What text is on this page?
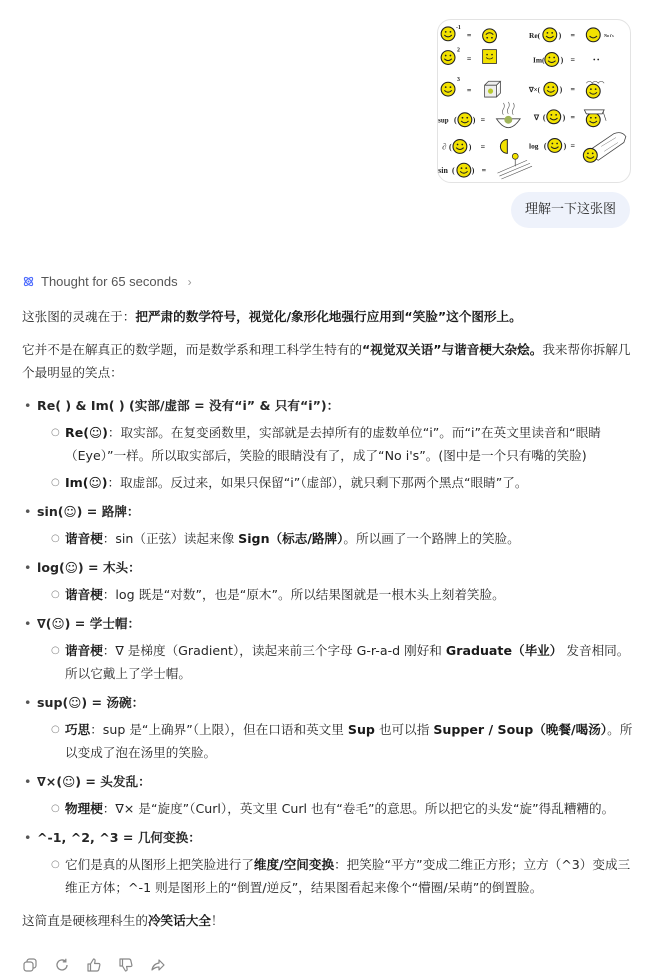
-1
=
2
=
3
=
sup ( ) =
∂ ( ) =
sin ( ) =
Re( ) =	No i's
Im( ) =
∇×( ) =
∇ ( ) =
log ( ) =
理解一下这张图
Thought for 65 seconds ›

这张图的灵魂在于：把严肃的数学符号，视觉化/象形化地强行应用到“笑脸”这个图形上。

它并不是在解真正的数学题，而是数学系和理工科学生特有的“视觉双关语”与谐音梗大杂烩。我来帮你拆解几个最明显的笑点：

• Re( ) & Im( ) (实部/虚部 = 没有“i” & 只有“i”)：
○ Re(☺)：取实部。在复变函数里，实部就是去掉所有的虚数单位“i”。而“i”在英文里读音和“眼睛（Eye）”一样。所以取实部后，笑脸的眼睛没有了，成了“No i's”。(图中是一个只有嘴的笑脸)
○ Im(☺)：取虚部。反过来，如果只保留“i”（虚部），就只剩下那两个黑点“眼睛”了。
• sin(☺) = 路牌：
○ 谐音梗：sin（正弦）读起来像 Sign（标志/路牌）。所以画了一个路牌上的笑脸。
• log(☺) = 木头：
○ 谐音梗：log 既是“对数”，也是“原木”。所以结果图就是一根木头上刻着笑脸。
• ∇(☺) = 学士帽：
○ 谐音梗：∇ 是梯度（Gradient），读起来前三个字母 G-r-a-d 刚好和 Graduate（毕业） 发音相同。所以它戴上了学士帽。
• sup(☺) = 汤碗：
○ 巧思：sup 是“上确界”（上限），但在口语和英文里 Sup 也可以指 Supper / Soup（晚餐/喝汤）。所以变成了泡在汤里的笑脸。
• ∇×(☺) = 头发乱：
○ 物理梗：∇× 是“旋度”（Curl），英文里 Curl 也有“卷毛”的意思。所以把它的头发“旋”得乱糟糟的。
• ^-1, ^2, ^3 = 几何变换：
○ 它们是真的从图形上把笑脸进行了维度/空间变换：把笑脸“平方”变成二维正方形；立方（^3）变成三维正方体；^-1 则是图形上的“倒置/逆反”，结果图看起来像个“懵圈/呆萌”的倒置脸。

这简直是硬核理科生的冷笑话大全！
